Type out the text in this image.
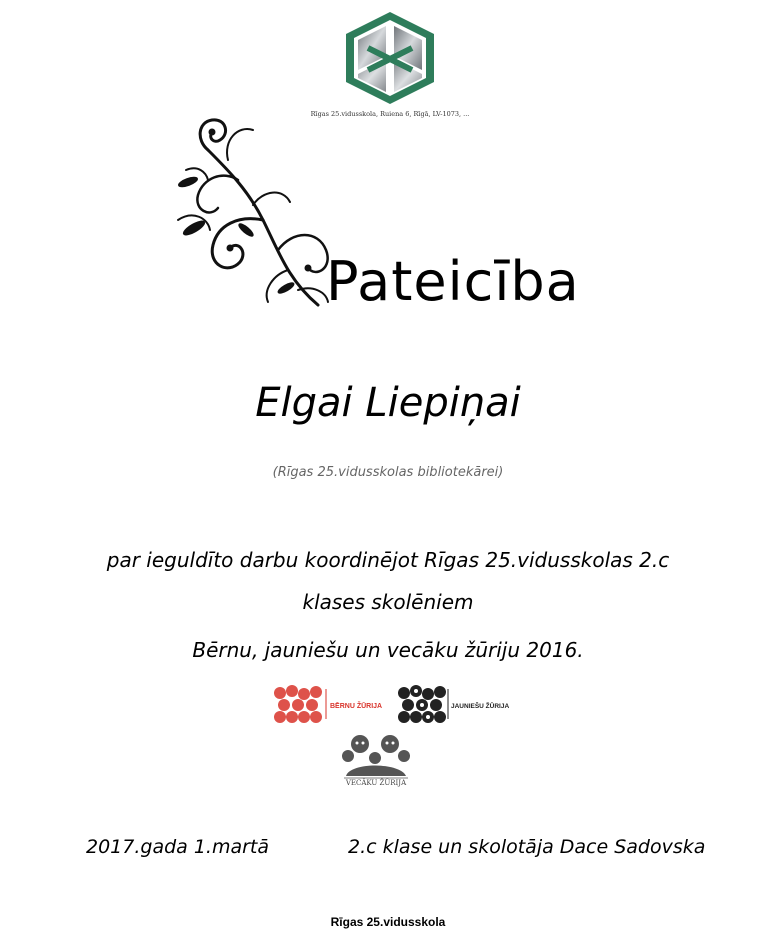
Rīgas 25.vidusskola, Ruiena 6, Rīgā, LV-1073, ...
Pateicība
Elgai Liepiņai
(Rīgas 25.vidusskolas bibliotekārei)
par ieguldīto darbu koordinējot Rīgas 25.vidusskolas 2.c
klases skolēniem
Bērnu, jauniešu un vecāku žūriju 2016.
BĒRNU ŽŪRIJA	JAUNIEŠU ŽŪRIJA
VECĀKU ŽŪRIJA
2017.gada 1.martā	2.c klase un skolotāja Dace Sadovska
Rīgas 25.vidusskola
